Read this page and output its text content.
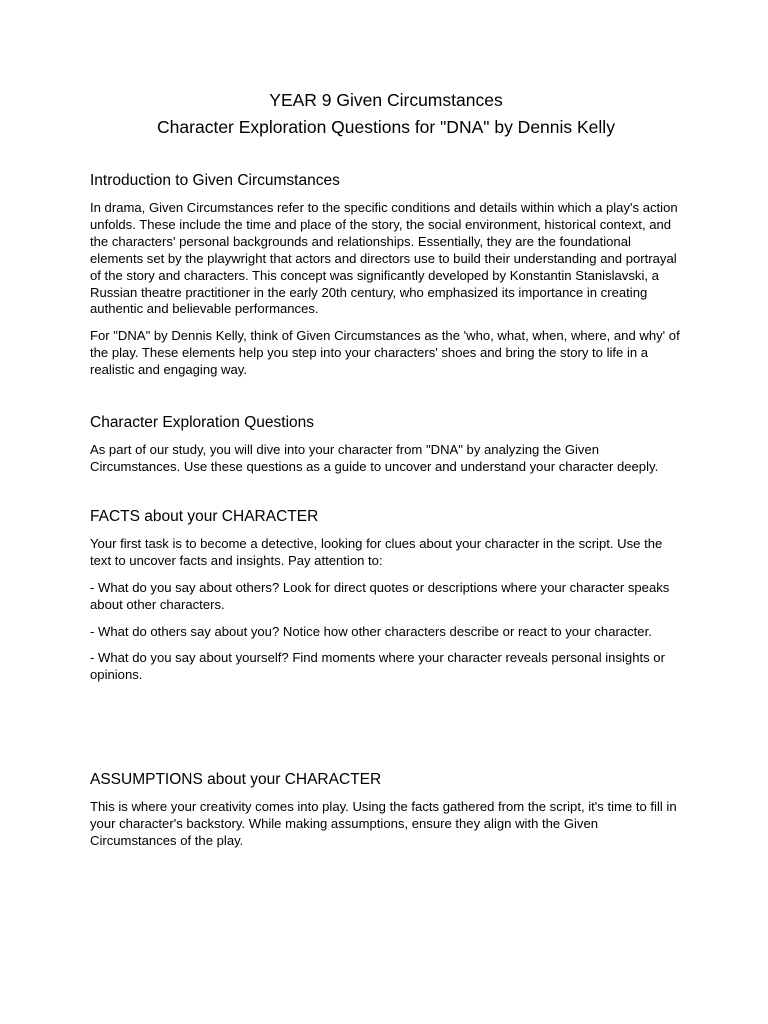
YEAR 9 Given Circumstances
Character Exploration Questions for "DNA" by Dennis Kelly
Introduction to Given Circumstances

In drama, Given Circumstances refer to the specific conditions and details within which a play's action unfolds. These include the time and place of the story, the social environment, historical context, and the characters' personal backgrounds and relationships. Essentially, they are the foundational elements set by the playwright that actors and directors use to build their understanding and portrayal of the story and characters. This concept was significantly developed by Konstantin Stanislavski, a Russian theatre practitioner in the early 20th century, who emphasized its importance in creating authentic and believable performances.

For "DNA" by Dennis Kelly, think of Given Circumstances as the 'who, what, when, where, and why' of the play. These elements help you step into your characters' shoes and bring the story to life in a realistic and engaging way.

Character Exploration Questions

As part of our study, you will dive into your character from "DNA" by analyzing the Given Circumstances. Use these questions as a guide to uncover and understand your character deeply.

FACTS about your CHARACTER

Your first task is to become a detective, looking for clues about your character in the script. Use the text to uncover facts and insights. Pay attention to:

- What do you say about others? Look for direct quotes or descriptions where your character speaks about other characters.

- What do others say about you? Notice how other characters describe or react to your character.

- What do you say about yourself? Find moments where your character reveals personal insights or opinions.

ASSUMPTIONS about your CHARACTER

This is where your creativity comes into play. Using the facts gathered from the script, it's time to fill in your character's backstory. While making assumptions, ensure they align with the Given Circumstances of the play.
